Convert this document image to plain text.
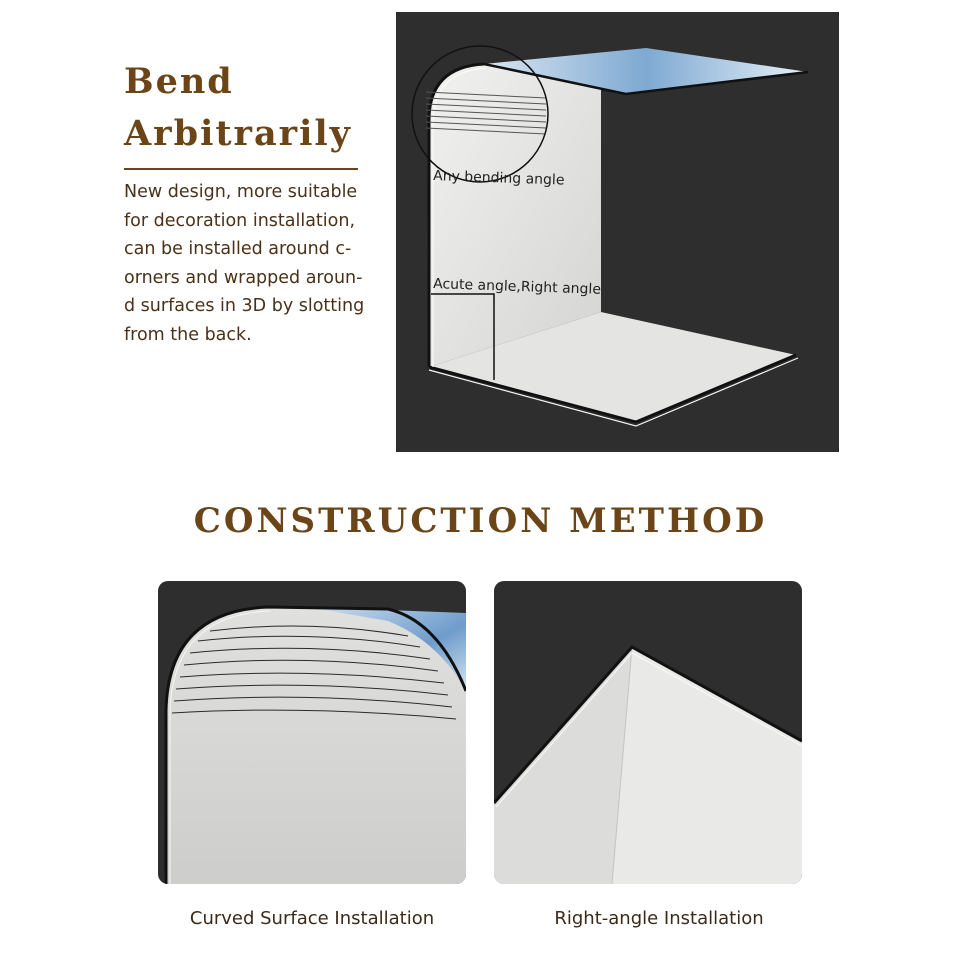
Bend
Arbitrarily

New design, more suitable
for decoration installation,
can be installed around c-
orners and wrapped aroun-
d surfaces in 3D by slotting
from the back.

Any bending angle
Acute angle,Right angle
CONSTRUCTION METHOD

Curved Surface Installation	Right-angle Installation
